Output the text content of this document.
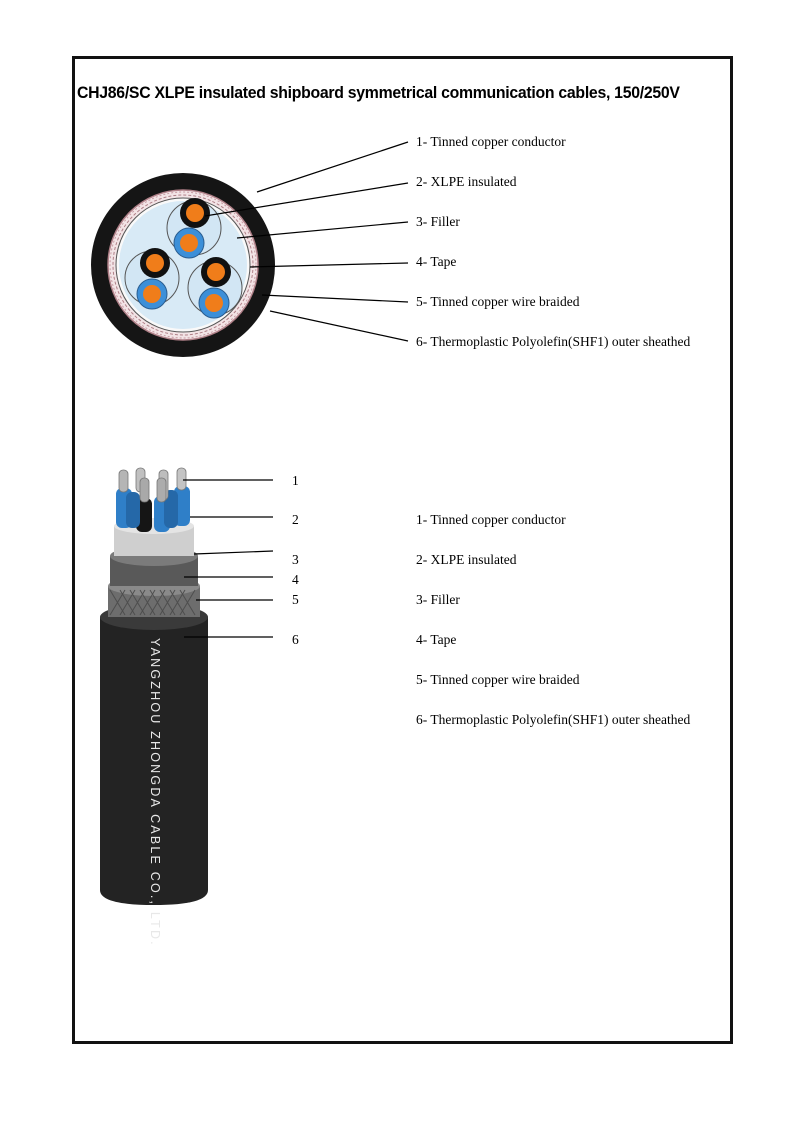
CHJ86/SC XLPE insulated shipboard symmetrical communication cables, 150/250V
1- Tinned copper conductor
2- XLPE insulated
3- Filler
4- Tape
5- Tinned copper wire braided
6- Thermoplastic Polyolefin(SHF1) outer sheathed
1
2
3
4
5
6
1- Tinned copper conductor
2- XLPE insulated
3- Filler
4- Tape
5- Tinned copper wire braided
6- Thermoplastic Polyolefin(SHF1) outer sheathed
YANGZHOU ZHONGDA CABLE CO., LTD.
